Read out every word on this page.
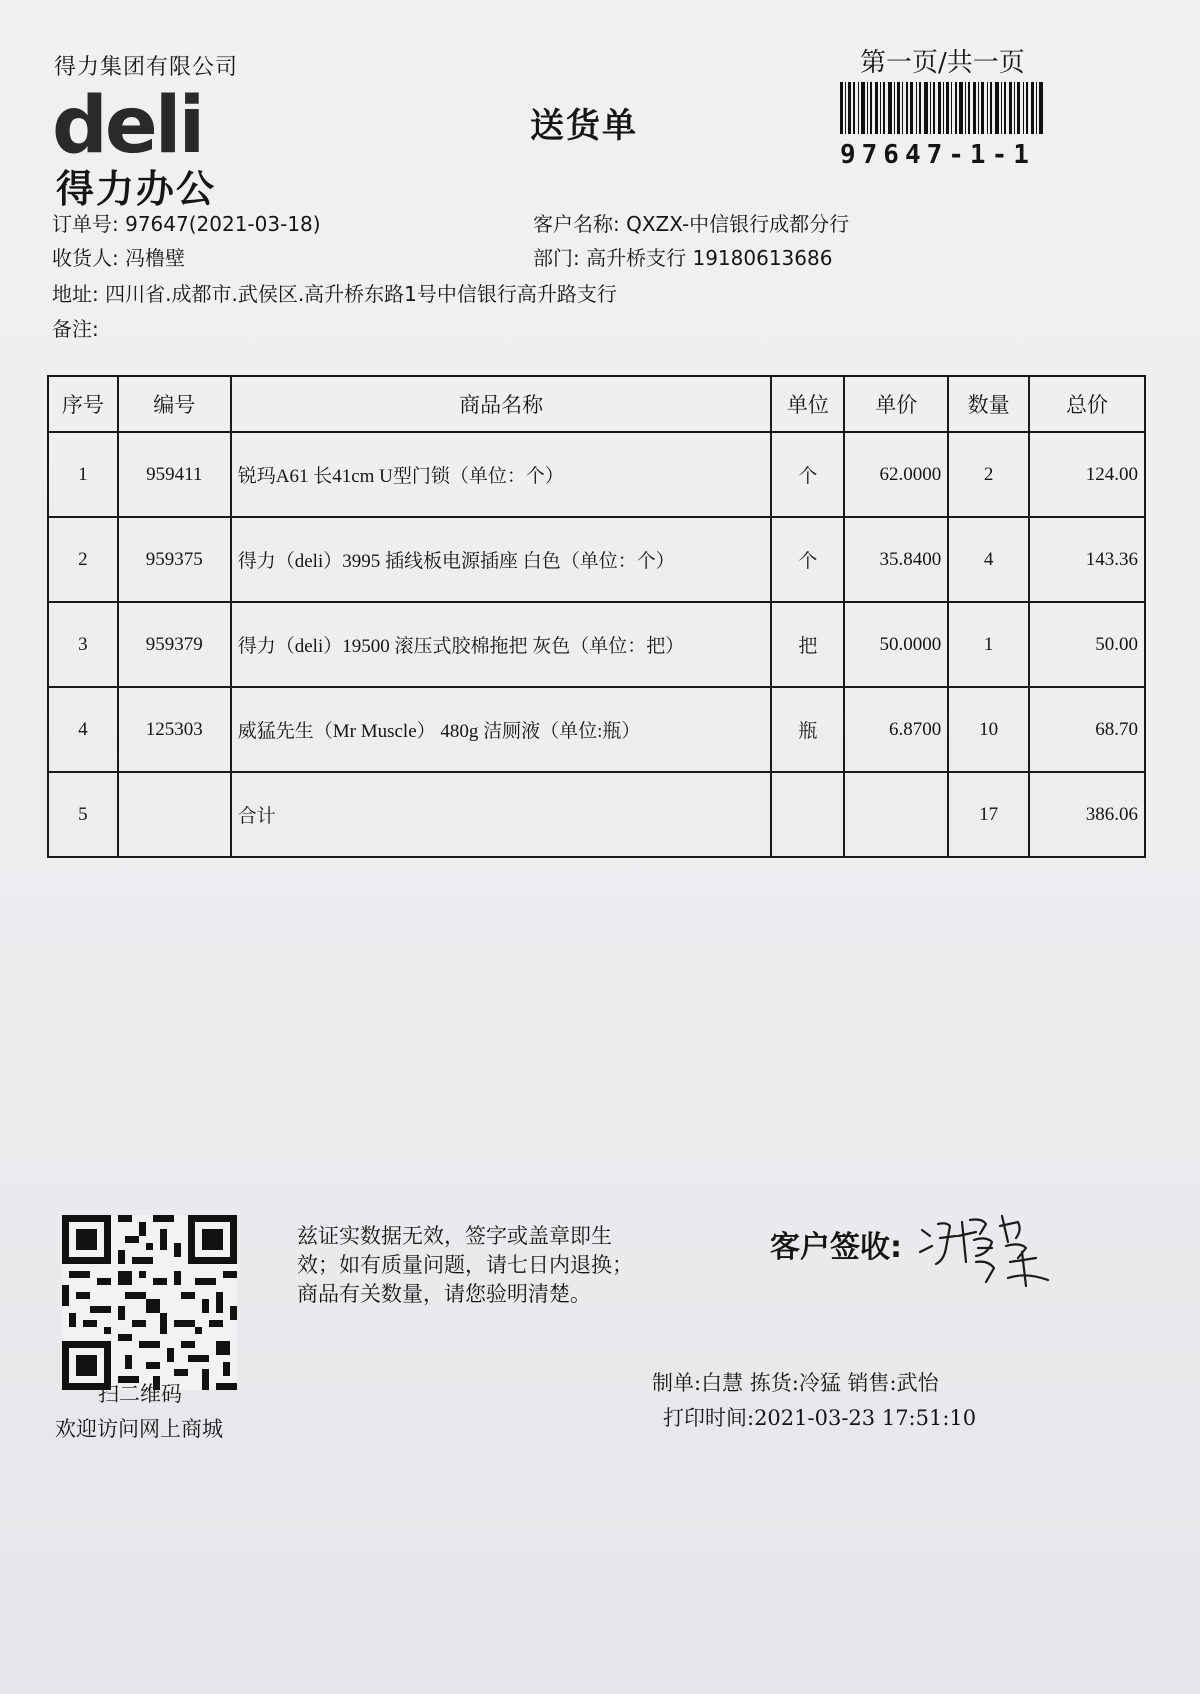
得力集团有限公司
deli
得力办公
送货单
第一页/共一页
97647-1-1
订单号: 97647(2021-03-18)
收货人: 冯橹壁
地址: 四川省.成都市.武侯区.高升桥东路1号中信银行高升路支行
备注:
客户名称: QXZX-中信银行成都分行
部门: 高升桥支行 19180613686
序号	编号	商品名称	单位	单价	数量	总价
1	959411	锐玛A61 长41cm U型门锁（单位：个）	个	62.0000	2	124.00
2	959375	得力（deli）3995 插线板电源插座 白色（单位：个）	个	35.8400	4	143.36
3	959379	得力（deli）19500 滚压式胶棉拖把 灰色（单位：把）	把	50.0000	1	50.00
4	125303	威猛先生（Mr Muscle） 480g 洁厕液（单位:瓶）	瓶	6.8700	10	68.70
5		合计			17	386.06
扫二维码
欢迎访问网上商城
兹证实数据无效，签字或盖章即生
效；如有质量问题，请七日内退换；
商品有关数量，请您验明清楚。
客户签收:
制单:白慧 拣货:冷猛 销售:武怡
打印时间:2021-03-23 17:51:10
